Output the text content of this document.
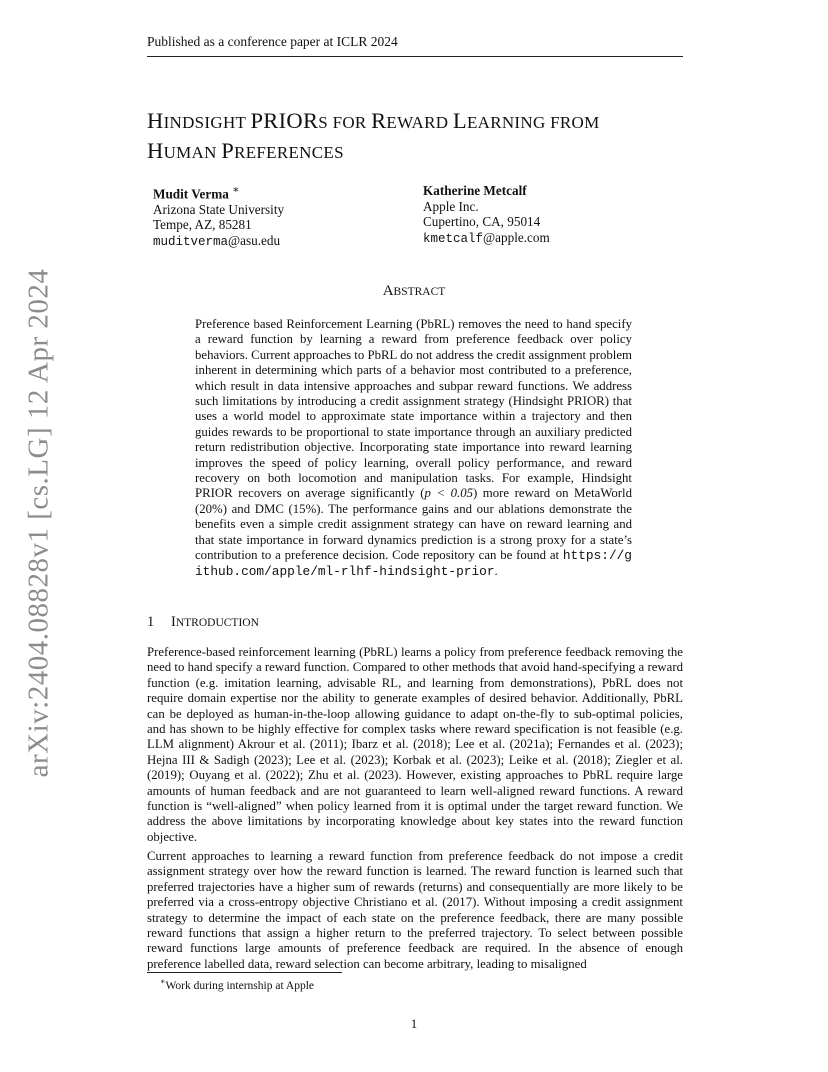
Published as a conference paper at ICLR 2024
arXiv:2404.08828v1 [cs.LG] 12 Apr 2024
HINDSIGHT PRIORS FOR REWARD LEARNING FROM
HUMAN PREFERENCES
Mudit Verma ∗
Arizona State University
Tempe, AZ, 85281
muditverma@asu.edu
Katherine Metcalf
Apple Inc.
Cupertino, CA, 95014
kmetcalf@apple.com
ABSTRACT
Preference based Reinforcement Learning (PbRL) removes the need to hand specify a reward function by learning a reward from preference feedback over policy behaviors. Current approaches to PbRL do not address the credit assignment problem inherent in determining which parts of a behavior most contributed to a preference, which result in data intensive approaches and subpar reward functions. We address such limitations by introducing a credit assignment strategy (Hindsight PRIOR) that uses a world model to approximate state importance within a trajectory and then guides rewards to be proportional to state importance through an auxiliary predicted return redistribution objective. Incorporating state importance into reward learning improves the speed of policy learning, overall policy performance, and reward recovery on both locomotion and manipulation tasks. For example, Hindsight PRIOR recovers on average significantly (p < 0.05) more reward on MetaWorld (20%) and DMC (15%). The performance gains and our ablations demonstrate the benefits even a simple credit assignment strategy can have on reward learning and that state importance in forward dynamics prediction is a strong proxy for a state’s contribution to a preference decision. Code repository can be found at https://github.com/apple/ml-rlhf-hindsight-prior.
1 INTRODUCTION
Preference-based reinforcement learning (PbRL) learns a policy from preference feedback removing the need to hand specify a reward function. Compared to other methods that avoid hand-specifying a reward function (e.g. imitation learning, advisable RL, and learning from demonstrations), PbRL does not require domain expertise nor the ability to generate examples of desired behavior. Additionally, PbRL can be deployed as human-in-the-loop allowing guidance to adapt on-the-fly to sub-optimal policies, and has shown to be highly effective for complex tasks where reward specification is not feasible (e.g. LLM alignment) Akrour et al. (2011); Ibarz et al. (2018); Lee et al. (2021a); Fernandes et al. (2023); Hejna III & Sadigh (2023); Lee et al. (2023); Korbak et al. (2023); Leike et al. (2018); Ziegler et al. (2019); Ouyang et al. (2022); Zhu et al. (2023). However, existing approaches to PbRL require large amounts of human feedback and are not guaranteed to learn well-aligned reward functions. A reward function is “well-aligned” when policy learned from it is optimal under the target reward function. We address the above limitations by incorporating knowledge about key states into the reward function objective.
Current approaches to learning a reward function from preference feedback do not impose a credit assignment strategy over how the reward function is learned. The reward function is learned such that preferred trajectories have a higher sum of rewards (returns) and consequentially are more likely to be preferred via a cross-entropy objective Christiano et al. (2017). Without imposing a credit assignment strategy to determine the impact of each state on the preference feedback, there are many possible reward functions that assign a higher return to the preferred trajectory. To select between possible reward functions large amounts of preference feedback are required. In the absence of enough preference labelled data, reward selection can become arbitrary, leading to misaligned
∗Work during internship at Apple
1
